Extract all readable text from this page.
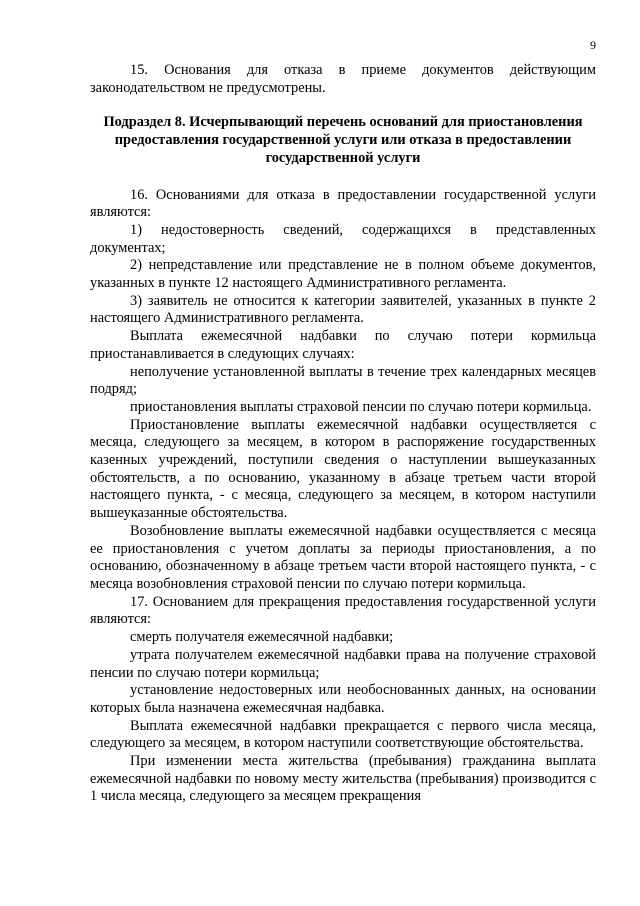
9

15. Основания для отказа в приеме документов действующим законодательством не предусмотрены.

Подраздел 8. Исчерпывающий перечень оснований для приостановления предоставления государственной услуги или отказа в предоставлении государственной услуги

16. Основаниями для отказа в предоставлении государственной услуги являются:

1) недостоверность сведений, содержащихся в представленных документах;

2) непредставление или представление не в полном объеме документов, указанных в пункте 12 настоящего Административного регламента.

3) заявитель не относится к категории заявителей, указанных в пункте 2 настоящего Административного регламента.

Выплата ежемесячной надбавки по случаю потери кормильца приостанавливается в следующих случаях:

неполучение установленной выплаты в течение трех календарных месяцев подряд;

приостановления выплаты страховой пенсии по случаю потери кормильца.

Приостановление выплаты ежемесячной надбавки осуществляется с месяца, следующего за месяцем, в котором в распоряжение государственных казенных учреждений, поступили сведения о наступлении вышеуказанных обстоятельств, а по основанию, указанному в абзаце третьем части второй настоящего пункта, - с месяца, следующего за месяцем, в котором наступили вышеуказанные обстоятельства.

Возобновление выплаты ежемесячной надбавки осуществляется с месяца ее приостановления с учетом доплаты за периоды приостановления, а по основанию, обозначенному в абзаце третьем части второй настоящего пункта, - с месяца возобновления страховой пенсии по случаю потери кормильца.

17. Основанием для прекращения предоставления государственной услуги являются:

смерть получателя ежемесячной надбавки;

утрата получателем ежемесячной надбавки права на получение страховой пенсии по случаю потери кормильца;

установление недостоверных или необоснованных данных, на основании которых была назначена ежемесячная надбавка.

Выплата ежемесячной надбавки прекращается с первого числа месяца, следующего за месяцем, в котором наступили соответствующие обстоятельства.

При изменении места жительства (пребывания) гражданина выплата ежемесячной надбавки по новому месту жительства (пребывания) производится с 1 числа месяца, следующего за месяцем прекращения
